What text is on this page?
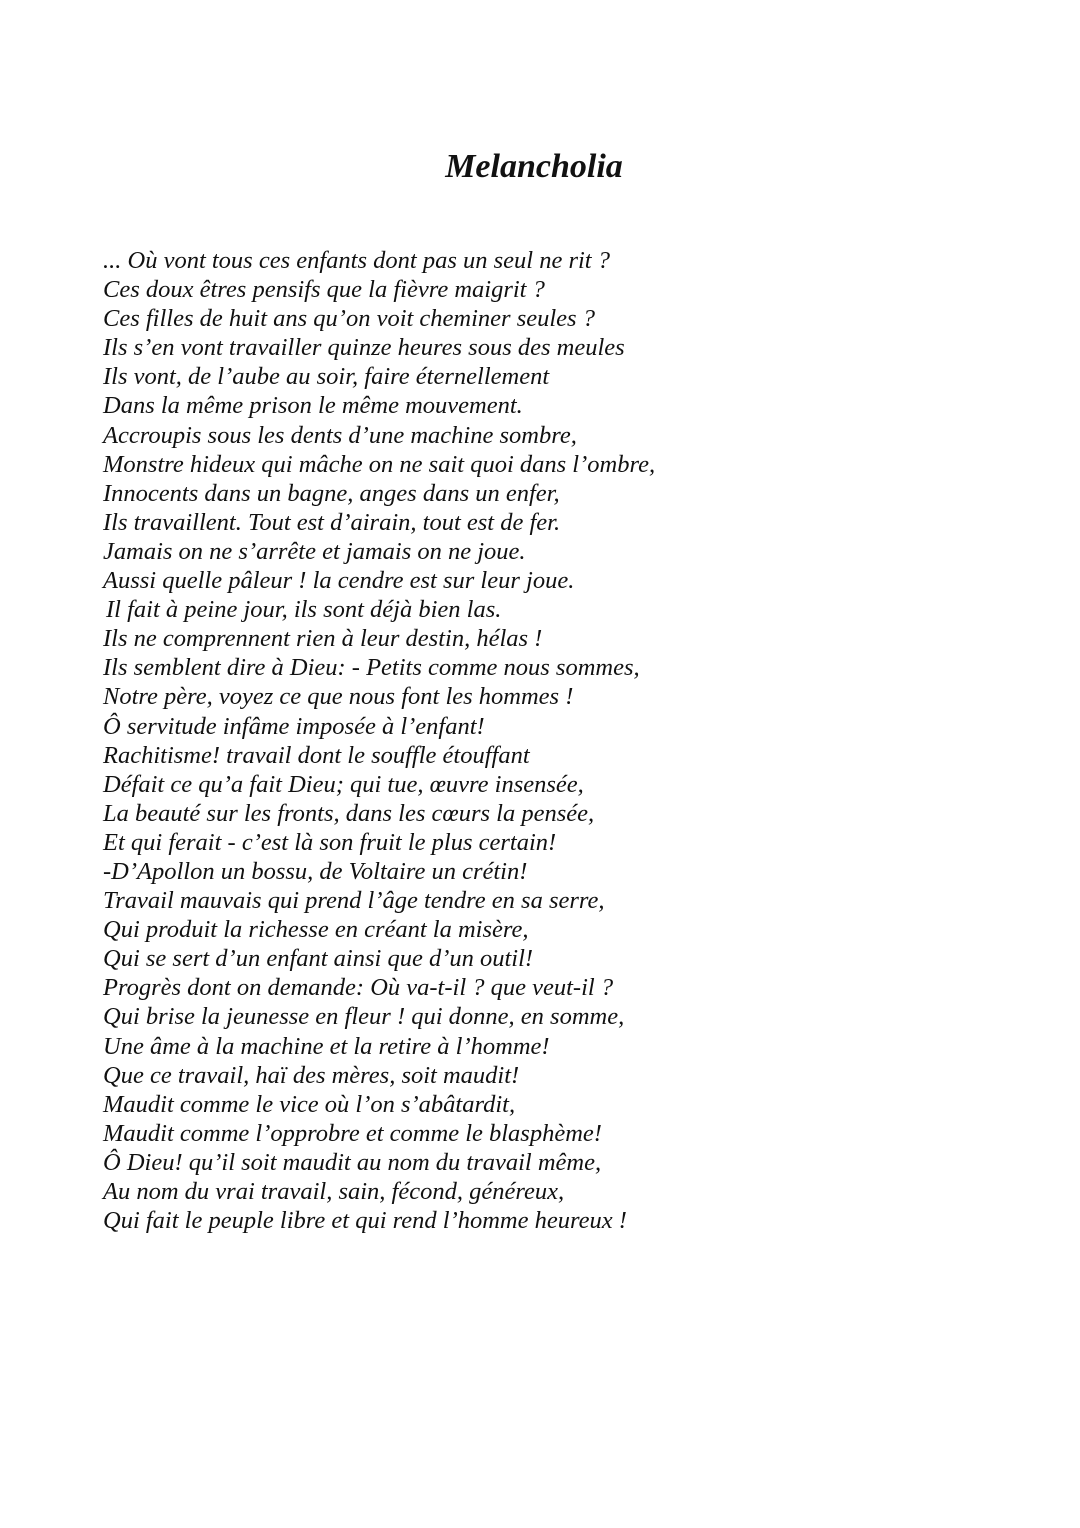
Melancholia
... Où vont tous ces enfants dont pas un seul ne rit ?
Ces doux êtres pensifs que la fièvre maigrit ?
Ces filles de huit ans qu’on voit cheminer seules ?
Ils s’en vont travailler quinze heures sous des meules
Ils vont, de l’aube au soir, faire éternellement
Dans la même prison le même mouvement.
Accroupis sous les dents d’une machine sombre,
Monstre hideux qui mâche on ne sait quoi dans l’ombre,
Innocents dans un bagne, anges dans un enfer,
Ils travaillent. Tout est d’airain, tout est de fer.
Jamais on ne s’arrête et jamais on ne joue.
Aussi quelle pâleur ! la cendre est sur leur joue.
Il fait à peine jour, ils sont déjà bien las.
Ils ne comprennent rien à leur destin, hélas !
Ils semblent dire à Dieu: - Petits comme nous sommes,
Notre père, voyez ce que nous font les hommes !
Ô servitude infâme imposée à l’enfant!
Rachitisme! travail dont le souffle étouffant
Défait ce qu’a fait Dieu; qui tue, œuvre insensée,
La beauté sur les fronts, dans les cœurs la pensée,
Et qui ferait - c’est là son fruit le plus certain!
-D’Apollon un bossu, de Voltaire un crétin!
Travail mauvais qui prend l’âge tendre en sa serre,
Qui produit la richesse en créant la misère,
Qui se sert d’un enfant ainsi que d’un outil!
Progrès dont on demande: Où va-t-il ? que veut-il ?
Qui brise la jeunesse en fleur ! qui donne, en somme,
Une âme à la machine et la retire à l’homme!
Que ce travail, haï des mères, soit maudit!
Maudit comme le vice où l’on s’abâtardit,
Maudit comme l’opprobre et comme le blasphème!
Ô Dieu! qu’il soit maudit au nom du travail même,
Au nom du vrai travail, sain, fécond, généreux,
Qui fait le peuple libre et qui rend l’homme heureux !
